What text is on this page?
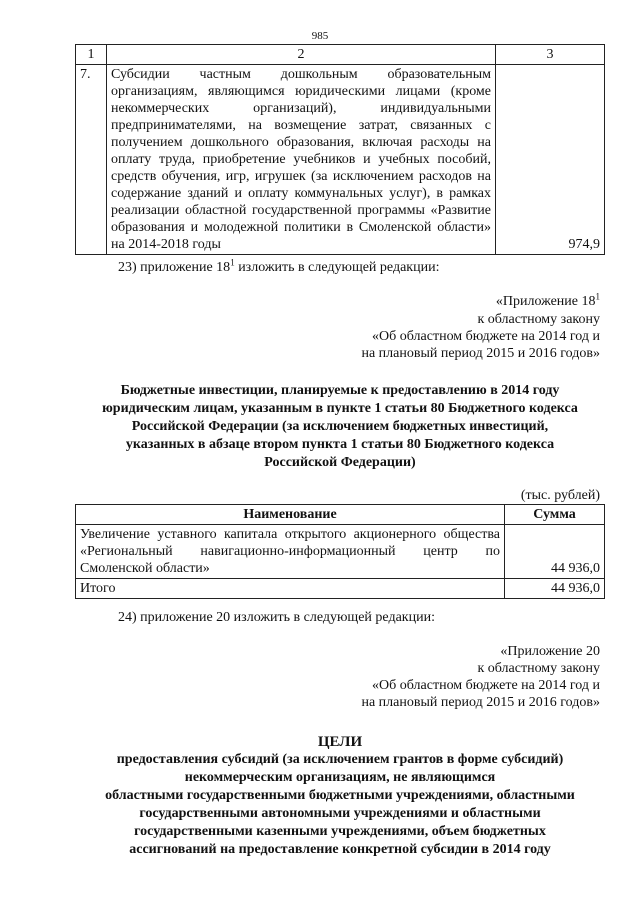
985
1	2	3
7.	Субсидии частным дошкольным образовательным организациям, являющимся юридическими лицами (кроме некоммерческих организаций), индивидуальными предпринимателями, на возмещение затрат, связанных с получением дошкольного образования, включая расходы на оплату труда, приобретение учебников и учебных пособий, средств обучения, игр, игрушек (за исключением расходов на содержание зданий и оплату коммунальных услуг), в рамках реализации областной государственной программы «Развитие образования и молодежной политики в Смоленской области» на 2014-2018 годы	974,9
23) приложение $18^1$ изложить в следующей редакции:
«Приложение $18^1$
к областному закону
«Об областном бюджете на 2014 год и
на плановый период 2015 и 2016 годов»
Бюджетные инвестиции, планируемые к предоставлению в 2014 году
юридическим лицам, указанным в пункте 1 статьи 80 Бюджетного кодекса
Российской Федерации (за исключением бюджетных инвестиций,
указанных в абзаце втором пункта 1 статьи 80 Бюджетного кодекса
Российской Федерации)
(тыс. рублей)
Наименование	Сумма
Увеличение уставного капитала открытого акционерного общества «Региональный навигационно-информационный центр по Смоленской области»	44 936,0
Итого	44 936,0
24) приложение 20 изложить в следующей редакции:
«Приложение 20
к областному закону
«Об областном бюджете на 2014 год и
на плановый период 2015 и 2016 годов»
ЦЕЛИ
предоставления субсидий (за исключением грантов в форме субсидий)
некоммерческим организациям, не являющимся
областными государственными бюджетными учреждениями, областными
государственными автономными учреждениями и областными
государственными казенными учреждениями, объем бюджетных
ассигнований на предоставление конкретной субсидии в 2014 году
